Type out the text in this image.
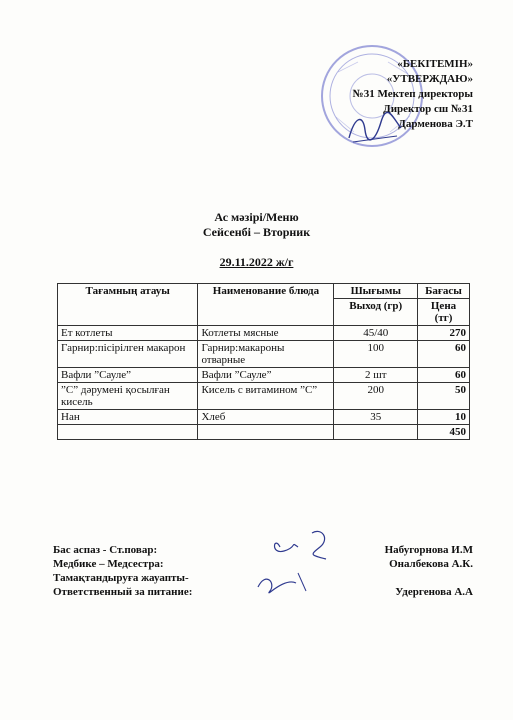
«БЕКІТЕМІН»
«УТВЕРЖДАЮ»
№31 Мектеп директоры
Директор сш №31
Дарменова Э.Т
Ас мәзірі/Меню
Сейсенбі – Вторник
29.11.2022 ж/г
Тағамның атауы	Наименование блюда	Шығымы	Бағасы
		Выход (гр)	Цена (тг)
Ет котлеты	Котлеты мясные	45/40	270
Гарнир:пісірілген макарон	Гарнир:макароны отварные	100	60
Вафли ”Сауле”	Вафли ”Сауле”	2 шт	60
”С” дәрумені қосылған кисель	Кисель с витамином ”С”	200	50
Нан	Хлеб	35	10
			450
Бас аспаз - Ст.повар:	Набугорнова И.М
Медбике – Медсестра:	Оналбекова А.К.
Тамақтандыруға жауапты-
Ответственный за питание:	Удергенова А.А
